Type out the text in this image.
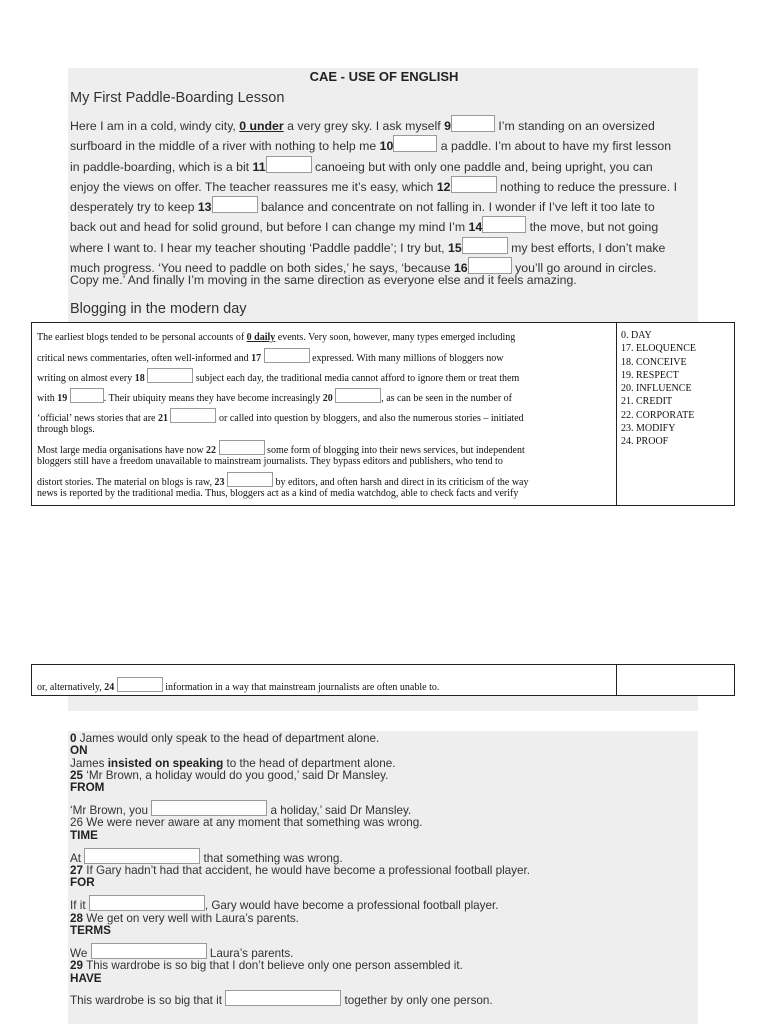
CAE - USE OF ENGLISH
My First Paddle-Boarding Lesson
Here I am in a cold, windy city, 0 under a very grey sky. I ask myself 9	I’m standing on an oversized
surfboard in the middle of a river with nothing to help me 10	a paddle. I’m about to have my first lesson
in paddle-boarding, which is a bit 11	canoeing but with only one paddle and, being upright, you can
enjoy the views on offer. The teacher reassures me it’s easy, which 12	nothing to reduce the pressure. I
desperately try to keep 13	balance and concentrate on not falling in. I wonder if I’ve left it too late to
back out and head for solid ground, but before I can change my mind I’m 14	the move, but not going
where I want to. I hear my teacher shouting ‘Paddle paddle’; I try but, 15	my best efforts, I don’t make
much progress. ‘You need to paddle on both sides,’ he says, ‘because 16	you’ll go around in circles.
Copy me.’ And finally I’m moving in the same direction as everyone else and it feels amazing.
Blogging in the modern day
The earliest blogs tended to be personal accounts of 0 daily events. Very soon, however, many types emerged including
critical news commentaries, often well-informed and 17	expressed. With many millions of bloggers now
writing on almost every 18	subject each day, the traditional media cannot afford to ignore them or treat them
with 19	. Their ubiquity means they have become increasingly 20	, as can be seen in the number of
‘official’ news stories that are 21	or called into question by bloggers, and also the numerous stories – initiated
through blogs.
Most large media organisations have now 22	some form of blogging into their news services, but independent
bloggers still have a freedom unavailable to mainstream journalists. They bypass editors and publishers, who tend to
distort stories. The material on blogs is raw, 23	by editors, and often harsh and direct in its criticism of the way
news is reported by the traditional media. Thus, bloggers act as a kind of media watchdog, able to check facts and verify
0. DAY
17. ELOQUENCE
18. CONCEIVE
19. RESPECT
20. INFLUENCE
21. CREDIT
22. CORPORATE
23. MODIFY
24. PROOF
or, alternatively, 24	information in a way that mainstream journalists are often unable to.
0 James would only speak to the head of department alone.
ON
James insisted on speaking to the head of department alone.
25 ‘Mr Brown, a holiday would do you good,’ said Dr Mansley.
FROM
‘Mr Brown, you	a holiday,’ said Dr Mansley.
26 We were never aware at any moment that something was wrong.
TIME
At	that something was wrong.
27 If Gary hadn’t had that accident, he would have become a professional football player.
FOR
If it	, Gary would have become a professional football player.
28 We get on very well with Laura’s parents.
TERMS
We	Laura’s parents.
29 This wardrobe is so big that I don’t believe only one person assembled it.
HAVE
This wardrobe is so big that it	together by only one person.
